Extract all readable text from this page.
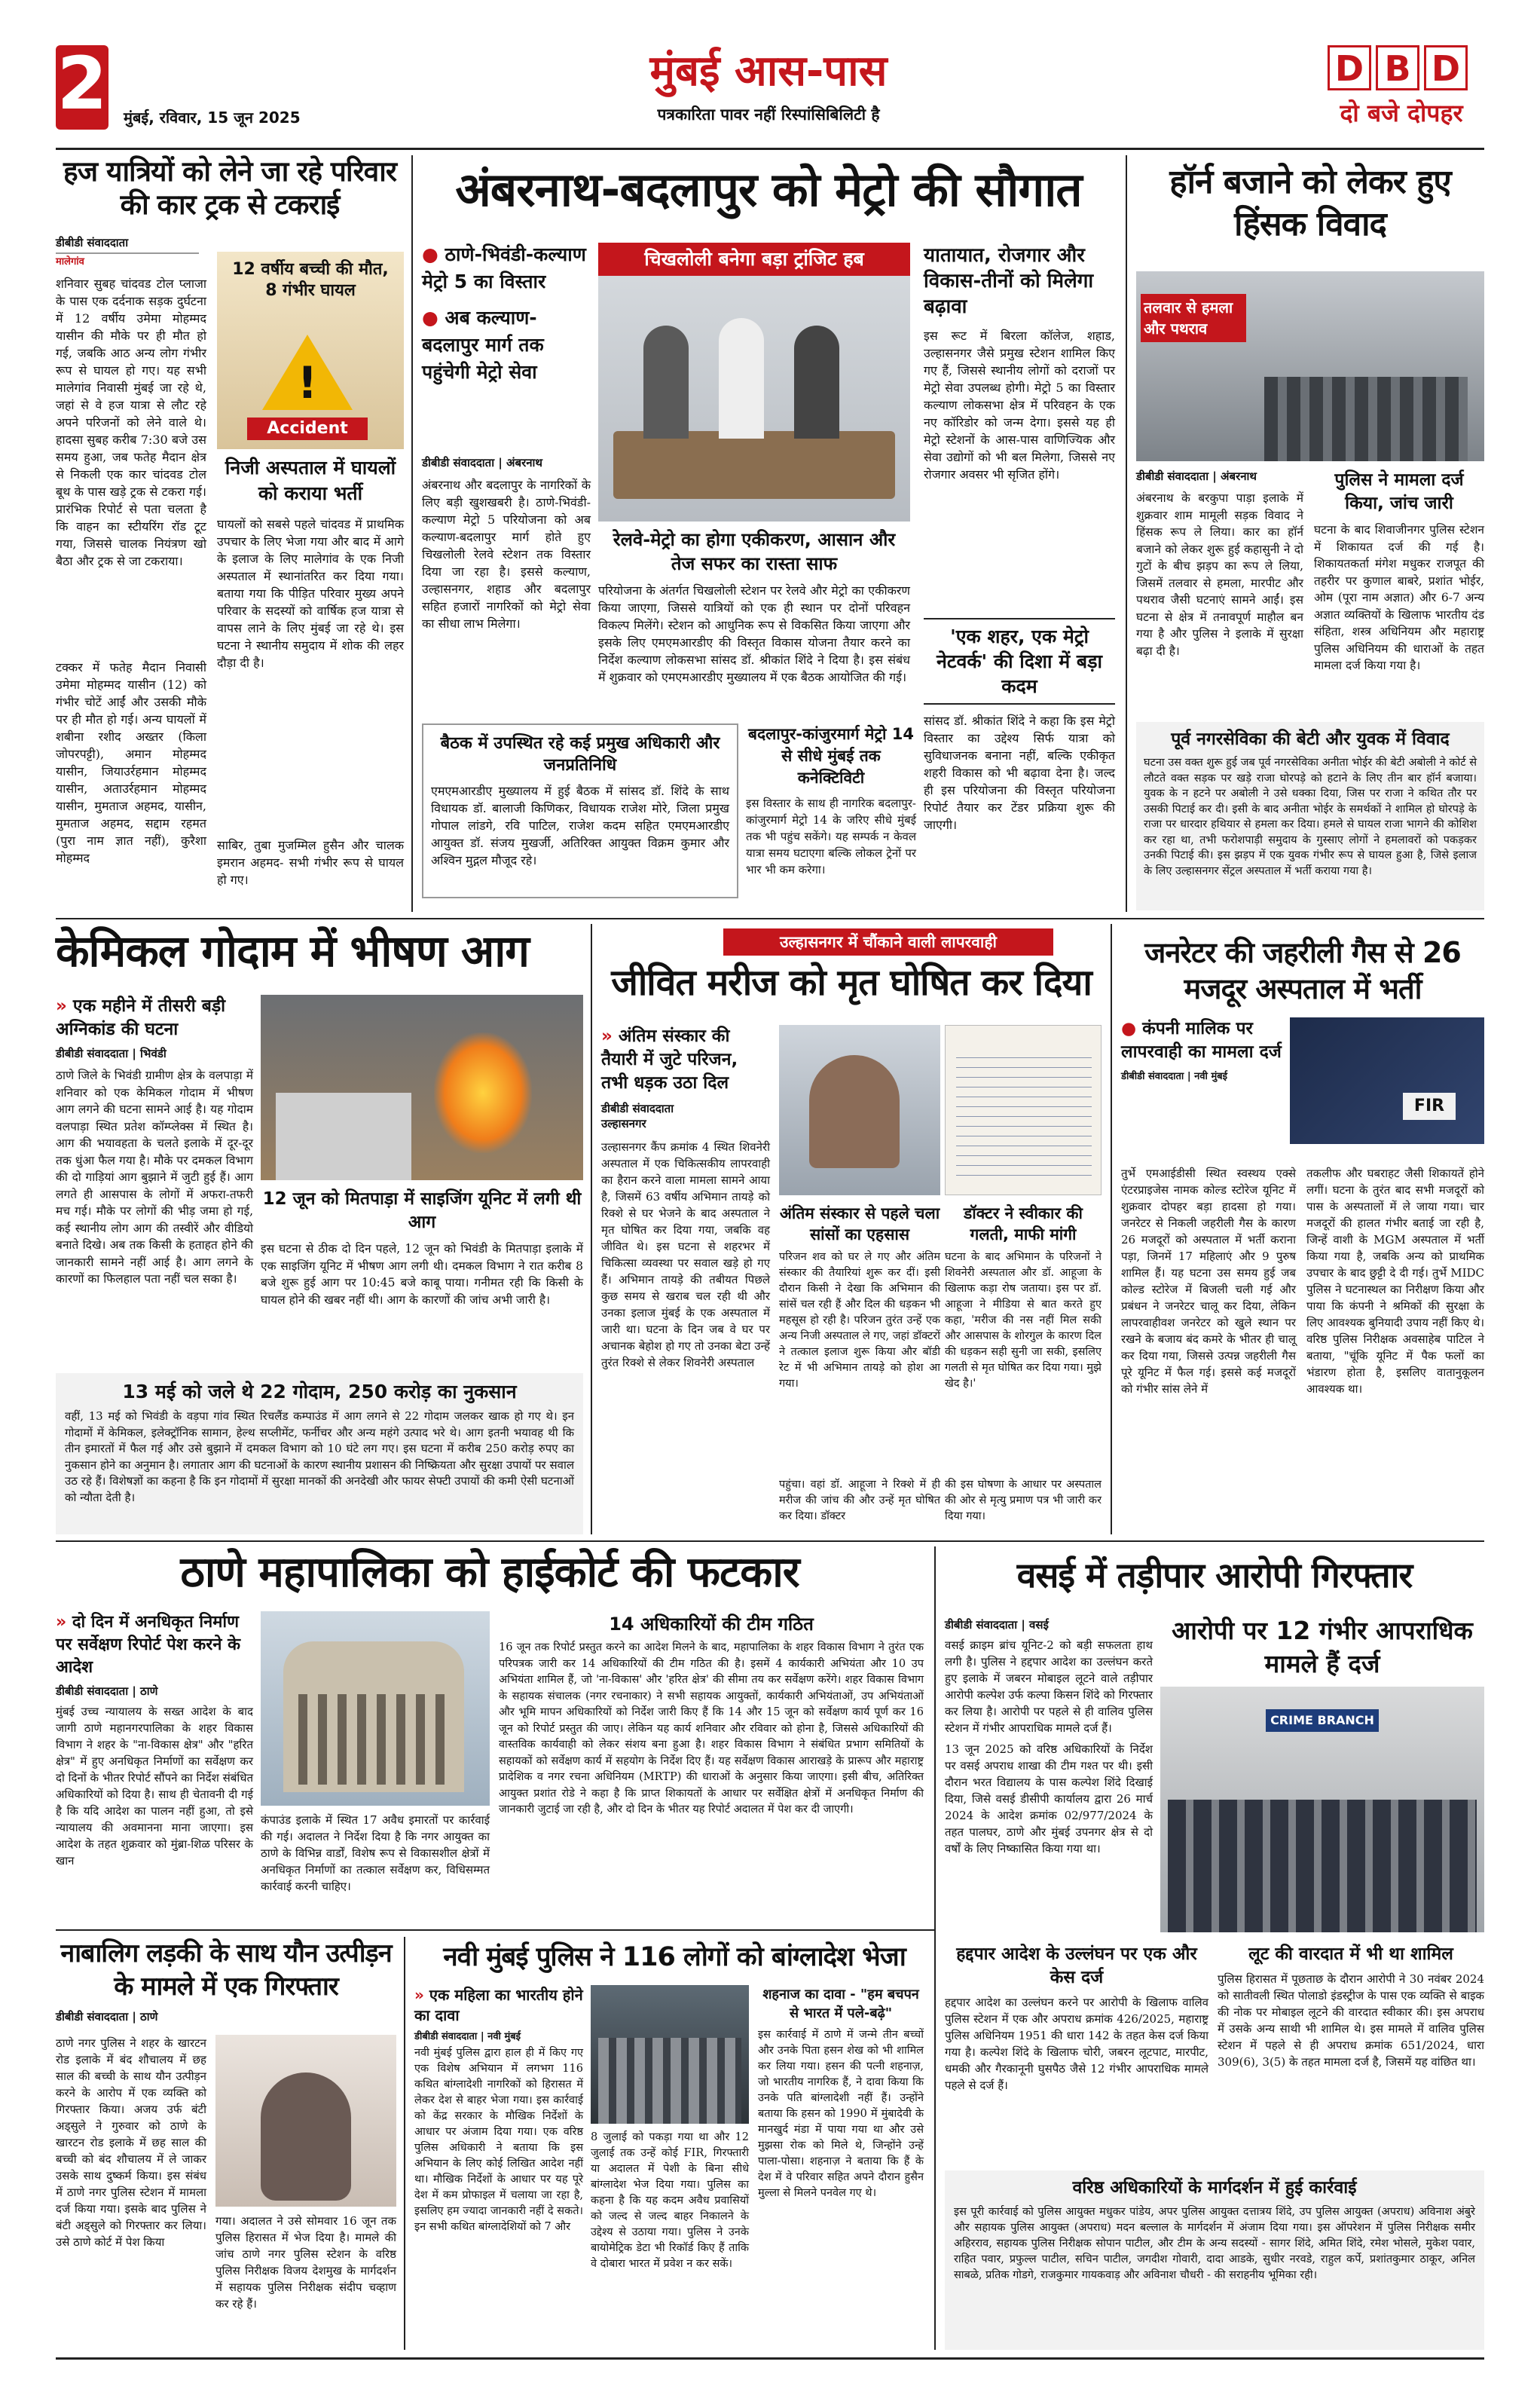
2 मुंबई, रविवार, 15 जून 2025
मुंबई आस-पास
पत्रकारिता पावर नहीं रिस्पांसिबिलिटी है
D B D
दो बजे दोपहर
हज यात्रियों को लेने जा रहे परिवार की कार ट्रक से टकराई
डीबीडी संवाददाता
मालेगांव
शनिवार सुबह चांदवड टोल प्लाजा के पास एक दर्दनाक सड़क दुर्घटना में 12 वर्षीय उमेमा मोहम्मद यासीन की मौके पर ही मौत हो गई, जबकि आठ अन्य लोग गंभीर रूप से घायल हो गए। यह सभी मालेगांव निवासी मुंबई जा रहे थे, जहां से वे हज यात्रा से लौट रहे अपने परिजनों को लेने वाले थे। हादसा सुबह करीब 7:30 बजे उस समय हुआ, जब फतेह मैदान क्षेत्र से निकली एक कार चांदवड टोल बूथ के पास खड़े ट्रक से टकरा गई। प्रारंभिक रिपोर्ट से पता चलता है कि वाहन का स्टीयरिंग रॉड टूट गया, जिससे चालक नियंत्रण खो बैठा और ट्रक से जा टकराया।
12 वर्षीय बच्ची की मौत, 8 गंभीर घायल
!
Accident
निजी अस्पताल में घायलों को कराया भर्ती
घायलों को सबसे पहले चांदवड में प्राथमिक उपचार के लिए भेजा गया और बाद में आगे के इलाज के लिए मालेगांव के एक निजी अस्पताल में स्थानांतरित कर दिया गया। बताया गया कि पीड़ित परिवार मुख्य अपने परिवार के सदस्यों को वार्षिक हज यात्रा से वापस लाने के लिए मुंबई जा रहे थे। इस घटना ने स्थानीय समुदाय में शोक की लहर दौड़ा दी है।
टक्कर में फतेह मैदान निवासी उमेमा मोहम्मद यासीन (12) को गंभीर चोटें आईं और उसकी मौके पर ही मौत हो गई। अन्य घायलों में शबीना रशीद अख्तर (किला जोपरपट्टी), अमान मोहम्मद यासीन, जियाउर्रहमान मोहम्मद यासीन, अताउर्रहमान मोहम्मद यासीन, मुमताज अहमद, यासीन, मुमताज अहमद, सद्दाम रहमत (पुरा नाम ज्ञात नहीं), कुरैशा मोहम्मद
साबिर, तुबा मुजम्मिल हुसैन और चालक इमरान अहमद- सभी गंभीर रूप से घायल हो गए।
अंबरनाथ-बदलापुर को मेट्रो की सौगात
● ठाणे-भिवंडी-कल्याण मेट्रो 5 का विस्तार
● अब कल्याण-बदलापुर मार्ग तक पहुंचेगी मेट्रो सेवा
चिखलोली बनेगा बड़ा ट्रांजिट हब
डीबीडी संवाददाता | अंबरनाथ
अंबरनाथ और बदलापुर के नागरिकों के लिए बड़ी खुशखबरी है। ठाणे-भिवंडी-कल्याण मेट्रो 5 परियोजना को अब कल्याण-बदलापुर मार्ग होते हुए चिखलोली रेलवे स्टेशन तक विस्तार दिया जा रहा है। इससे कल्याण, उल्हासनगर, शहाड और बदलापुर सहित हजारों नागरिकों को मेट्रो सेवा का सीधा लाभ मिलेगा।
यातायात, रोजगार और विकास-तीनों को मिलेगा बढ़ावा
इस रूट में बिरला कॉलेज, शहाड, उल्हासनगर जैसे प्रमुख स्टेशन शामिल किए गए हैं, जिससे स्थानीय लोगों को दराजों पर मेट्रो सेवा उपलब्ध होगी। मेट्रो 5 का विस्तार कल्याण लोकसभा क्षेत्र में परिवहन के एक नए कॉरिडोर को जन्म देगा। इससे यह ही मेट्रो स्टेशनों के आस-पास वाणिज्यिक और सेवा उद्योगों को भी बल मिलेगा, जिससे नए रोजगार अवसर भी सृजित होंगे।
रेलवे-मेट्रो का होगा एकीकरण, आसान और तेज सफर का रास्ता साफ
परियोजना के अंतर्गत चिखलोली स्टेशन पर रेलवे और मेट्रो का एकीकरण किया जाएगा, जिससे यात्रियों को एक ही स्थान पर दोनों परिवहन विकल्प मिलेंगे। स्टेशन को आधुनिक रूप से विकसित किया जाएगा और इसके लिए एमएमआरडीए की विस्तृत विकास योजना तैयार करने का निर्देश कल्याण लोकसभा सांसद डॉ. श्रीकांत शिंदे ने दिया है। इस संबंध में शुक्रवार को एमएमआरडीए मुख्यालय में एक बैठक आयोजित की गई।
'एक शहर, एक मेट्रो नेटवर्क' की दिशा में बड़ा कदम
सांसद डॉ. श्रीकांत शिंदे ने कहा कि इस मेट्रो विस्तार का उद्देश्य सिर्फ यात्रा को सुविधाजनक बनाना नहीं, बल्कि एकीकृत शहरी विकास को भी बढ़ावा देना है। जल्द ही इस परियोजना की विस्तृत परियोजना रिपोर्ट तैयार कर टेंडर प्रक्रिया शुरू की जाएगी।
बैठक में उपस्थित रहे कई प्रमुख अधिकारी और जनप्रतिनिधि
एमएमआरडीए मुख्यालय में हुई बैठक में सांसद डॉ. शिंदे के साथ विधायक डॉ. बालाजी किणिकर, विधायक राजेश मोरे, जिला प्रमुख गोपाल लांडगे, रवि पाटिल, राजेश कदम सहित एमएमआरडीए आयुक्त डॉ. संजय मुखर्जी, अतिरिक्त आयुक्त विक्रम कुमार और अश्विन मुद्गल मौजूद रहे।
बदलापुर-कांजुरमार्ग मेट्रो 14 से सीधे मुंबई तक कनेक्टिविटी
इस विस्तार के साथ ही नागरिक बदलापुर-कांजुरमार्ग मेट्रो 14 के जरिए सीधे मुंबई तक भी पहुंच सकेंगे। यह सम्पर्क न केवल यात्रा समय घटाएगा बल्कि लोकल ट्रेनों पर भार भी कम करेगा।
हॉर्न बजाने को लेकर हुए हिंसक विवाद
तलवार से हमला और पथराव
डीबीडी संवाददाता | अंबरनाथ
अंबरनाथ के बरकुपा पाड़ा इलाके में शुक्रवार शाम मामूली सड़क विवाद ने हिंसक रूप ले लिया। कार का हॉर्न बजाने को लेकर शुरू हुई कहासुनी ने दो गुटों के बीच झड़प का रूप ले लिया, जिसमें तलवार से हमला, मारपीट और पथराव जैसी घटनाएं सामने आईं। इस घटना से क्षेत्र में तनावपूर्ण माहौल बन गया है और पुलिस ने इलाके में सुरक्षा बढ़ा दी है।
पुलिस ने मामला दर्ज किया, जांच जारी
घटना के बाद शिवाजीनगर पुलिस स्टेशन में शिकायत दर्ज की गई है। शिकायतकर्ता मंगेश मधुकर राजपूत की तहरीर पर कुणाल बाबरे, प्रशांत भोईर, ओम (पूरा नाम अज्ञात) और 6-7 अन्य अज्ञात व्यक्तियों के खिलाफ भारतीय दंड संहिता, शस्त्र अधिनियम और महाराष्ट्र पुलिस अधिनियम की धाराओं के तहत मामला दर्ज किया गया है।
पूर्व नगरसेविका की बेटी और युवक में विवाद
घटना उस वक्त शुरू हुई जब पूर्व नगरसेविका अनीता भोईर की बेटी अबोली ने कोर्ट से लौटते वक्त सड़क पर खड़े राजा घोरपड़े को हटाने के लिए तीन बार हॉर्न बजाया। युवक के न हटने पर अबोली ने उसे धक्का दिया, जिस पर राजा ने कथित तौर पर उसकी पिटाई कर दी। इसी के बाद अनीता भोईर के समर्थकों ने शामिल हो घोरपड़े के राजा पर धारदार हथियार से हमला कर दिया। हमले से घायल राजा भागने की कोशिश कर रहा था, तभी फरोशपाड़ी समुदाय के गुस्साए लोगों ने हमलावरों को पकड़कर उनकी पिटाई की। इस झड़प में एक युवक गंभीर रूप से घायल हुआ है, जिसे इलाज के लिए उल्हासनगर सेंट्रल अस्पताल में भर्ती कराया गया है।
केमिकल गोदाम में भीषण आग
» एक महीने में तीसरी बड़ी अग्निकांड की घटना
डीबीडी संवाददाता | भिवंडी
ठाणे जिले के भिवंडी ग्रामीण क्षेत्र के वलपाड़ा में शनिवार को एक केमिकल गोदाम में भीषण आग लगने की घटना सामने आई है। यह गोदाम वलपाड़ा स्थित प्रतेश कॉम्प्लेक्स में स्थित है। आग की भयावहता के चलते इलाके में दूर-दूर तक धुंआ फैल गया है। मौके पर दमकल विभाग की दो गाड़ियां आग बुझाने में जुटी हुई हैं। आग लगते ही आसपास के लोगों में अफरा-तफरी मच गई। मौके पर लोगों की भीड़ जमा हो गई, कई स्थानीय लोग आग की तस्वीरें और वीडियो बनाते दिखे। अब तक किसी के हताहत होने की जानकारी सामने नहीं आई है। आग लगने के कारणों का फिलहाल पता नहीं चल सका है।
12 जून को मितपाड़ा में साइजिंग यूनिट में लगी थी आग
इस घटना से ठीक दो दिन पहले, 12 जून को भिवंडी के मितपाड़ा इलाके में एक साइजिंग यूनिट में भीषण आग लगी थी। दमकल विभाग ने रात करीब 8 बजे शुरू हुई आग पर 10:45 बजे काबू पाया। गनीमत रही कि किसी के घायल होने की खबर नहीं थी। आग के कारणों की जांच अभी जारी है।
13 मई को जले थे 22 गोदाम, 250 करोड़ का नुकसान
वहीं, 13 मई को भिवंडी के वड़पा गांव स्थित रिचलैंड कम्पाउंड में आग लगने से 22 गोदाम जलकर खाक हो गए थे। इन गोदामों में केमिकल, इलेक्ट्रॉनिक सामान, हेल्थ सप्लीमेंट, फर्नीचर और अन्य महंगे उत्पाद भरे थे। आग इतनी भयावह थी कि तीन इमारतों में फैल गई और उसे बुझाने में दमकल विभाग को 10 घंटे लग गए। इस घटना में करीब 250 करोड़ रुपए का नुकसान होने का अनुमान है। लगातार आग की घटनाओं के कारण स्थानीय प्रशासन की निष्क्रियता और सुरक्षा उपायों पर सवाल उठ रहे हैं। विशेषज्ञों का कहना है कि इन गोदामों में सुरक्षा मानकों की अनदेखी और फायर सेफ्टी उपायों की कमी ऐसी घटनाओं को न्यौता देती है।
उल्हासनगर में चौंकाने वाली लापरवाही
जीवित मरीज को मृत घोषित कर दिया
» अंतिम संस्कार की तैयारी में जुटे परिजन, तभी धड़क उठा दिल
डीबीडी संवाददाता
उल्हासनगर
उल्हासनगर कैंप क्रमांक 4 स्थित शिवनेरी अस्पताल में एक चिकित्सकीय लापरवाही का हैरान करने वाला मामला सामने आया है, जिसमें 63 वर्षीय अभिमान तायड़े को रिक्शे से घर भेजने के बाद अस्पताल ने मृत घोषित कर दिया गया, जबकि वह जीवित थे। इस घटना से शहरभर में चिकित्सा व्यवस्था पर सवाल खड़े हो गए हैं। अभिमान तायड़े की तबीयत पिछले कुछ समय से खराब चल रही थी और उनका इलाज मुंबई के एक अस्पताल में जारी था। घटना के दिन जब वे घर पर अचानक बेहोश हो गए तो उनका बेटा उन्हें तुरंत रिक्शे से लेकर शिवनेरी अस्पताल
अंतिम संस्कार से पहले चला सांसों का एहसास
परिजन शव को घर ले गए और अंतिम संस्कार की तैयारियां शुरू कर दीं। इसी दौरान किसी ने देखा कि अभिमान की सांसें चल रही हैं और दिल की धड़कन भी महसूस हो रही है। परिजन तुरंत उन्हें एक अन्य निजी अस्पताल ले गए, जहां डॉक्टरों ने तत्काल इलाज शुरू किया और बॉडी रेट में भी अभिमान तायड़े को होश आ गया।
डॉक्टर ने स्वीकार की गलती, माफी मांगी
घटना के बाद अभिमान के परिजनों ने शिवनेरी अस्पताल और डॉ. आहूजा के खिलाफ कड़ा रोष जताया। इस पर डॉ. आहूजा ने मीडिया से बात करते हुए कहा, 'मरीज की नस नहीं मिल सकी और आसपास के शोरगुल के कारण दिल की धड़कन सही सुनी जा सकी, इसलिए गलती से मृत घोषित कर दिया गया। मुझे खेद है।'
पहुंचा। वहां डॉ. आहूजा ने रिक्शे में ही मरीज की जांच की और उन्हें मृत घोषित कर दिया। डॉक्टर
की इस घोषणा के आधार पर अस्पताल की ओर से मृत्यु प्रमाण पत्र भी जारी कर दिया गया।
जनरेटर की जहरीली गैस से 26 मजदूर अस्पताल में भर्ती
● कंपनी मालिक पर लापरवाही का मामला दर्ज
डीबीडी संवाददाता | नवी मुंबई
FIR
तुर्भे एमआईडीसी स्थित स्वस्थय एक्से एंटरप्राइजेस नामक कोल्ड स्टोरेज यूनिट में शुक्रवार दोपहर बड़ा हादसा हो गया। जनरेटर से निकली जहरीली गैस के कारण 26 मजदूरों को अस्पताल में भर्ती कराना पड़ा, जिनमें 17 महिलाएं और 9 पुरुष शामिल हैं। यह घटना उस समय हुई जब कोल्ड स्टोरेज में बिजली चली गई और प्रबंधन ने जनरेटर चालू कर दिया, लेकिन लापरवाहीवश जनरेटर को खुले स्थान पर रखने के बजाय बंद कमरे के भीतर ही चालू कर दिया गया, जिससे उत्पन्न जहरीली गैस पूरे यूनिट में फैल गई। इससे कई मजदूरों को गंभीर सांस लेने में
तकलीफ और घबराहट जैसी शिकायतें होने लगीं। घटना के तुरंत बाद सभी मजदूरों को पास के अस्पतालों में ले जाया गया। चार मजदूरों की हालत गंभीर बताई जा रही है, जिन्हें वाशी के MGM अस्पताल में भर्ती किया गया है, जबकि अन्य को प्राथमिक उपचार के बाद छुट्टी दे दी गई। तुर्भे MIDC पुलिस ने घटनास्थल का निरीक्षण किया और पाया कि कंपनी ने श्रमिकों की सुरक्षा के लिए आवश्यक बुनियादी उपाय नहीं किए थे। वरिष्ठ पुलिस निरीक्षक अवसाहेब पाटिल ने बताया, "चूंकि यूनिट में पैक फलों का भंडारण होता है, इसलिए वातानुकूलन आवश्यक था।
ठाणे महापालिका को हाईकोर्ट की फटकार
» दो दिन में अनधिकृत निर्माण पर सर्वेक्षण रिपोर्ट पेश करने के आदेश
डीबीडी संवाददाता | ठाणे
मुंबई उच्च न्यायालय के सख्त आदेश के बाद जागी ठाणे महानगरपालिका के शहर विकास विभाग ने शहर के "ना-विकास क्षेत्र" और "हरित क्षेत्र" में हुए अनधिकृत निर्माणों का सर्वेक्षण कर दो दिनों के भीतर रिपोर्ट सौंपने का निर्देश संबंधित अधिकारियों को दिया है। साथ ही चेतावनी दी गई है कि यदि आदेश का पालन नहीं हुआ, तो इसे न्यायालय की अवमानना माना जाएगा। इस आदेश के तहत शुक्रवार को मुंब्रा-शिळ परिसर के खान
कंपाउंड इलाके में स्थित 17 अवैध इमारतों पर कार्रवाई की गई। अदालत ने निर्देश दिया है कि नगर आयुक्त का ठाणे के विभिन्न वार्डों, विशेष रूप से विकासशील क्षेत्रों में अनधिकृत निर्माणों का तत्काल सर्वेक्षण कर, विधिसम्मत कार्रवाई करनी चाहिए।
14 अधिकारियों की टीम गठित
16 जून तक रिपोर्ट प्रस्तुत करने का आदेश मिलने के बाद, महापालिका के शहर विकास विभाग ने तुरंत एक परिपत्रक जारी कर 14 अधिकारियों की टीम गठित की है। इसमें 4 कार्यकारी अभियंता और 10 उप अभियंता शामिल हैं, जो 'ना-विकास' और 'हरित क्षेत्र' की सीमा तय कर सर्वेक्षण करेंगे। शहर विकास विभाग के सहायक संचालक (नगर रचनाकार) ने सभी सहायक आयुक्तों, कार्यकारी अभियंताओं, उप अभियंताओं और भूमि मापन अधिकारियों को निर्देश जारी किए हैं कि 14 और 15 जून को सर्वेक्षण कार्य पूर्ण कर 16 जून को रिपोर्ट प्रस्तुत की जाए। लेकिन यह कार्य शनिवार और रविवार को होना है, जिससे अधिकारियों की वास्तविक कार्यवाही को लेकर संशय बना हुआ है। शहर विकास विभाग ने संबंधित प्रभाग समितियों के सहायकों को सर्वेक्षण कार्य में सहयोग के निर्देश दिए हैं। यह सर्वेक्षण विकास आराखड़े के प्रारूप और महाराष्ट्र प्रादेशिक व नगर रचना अधिनियम (MRTP) की धाराओं के अनुसार किया जाएगा। इसी बीच, अतिरिक्त आयुक्त प्रशांत रोडे ने कहा है कि प्राप्त शिकायतों के आधार पर सर्वेक्षित क्षेत्रों में अनधिकृत निर्माण की जानकारी जुटाई जा रही है, और दो दिन के भीतर यह रिपोर्ट अदालत में पेश कर दी जाएगी।
वसई में तड़ीपार आरोपी गिरफ्तार
आरोपी पर 12 गंभीर आपराधिक मामले हैं दर्ज
डीबीडी संवाददाता | वसई
वसई क्राइम ब्रांच यूनिट-2 को बड़ी सफलता हाथ लगी है। पुलिस ने हद्दपार आदेश का उल्लंघन करते हुए इलाके में जबरन मोबाइल लूटने वाले तड़ीपार आरोपी कल्पेश उर्फ कल्पा किसन शिंदे को गिरफ्तार कर लिया है। आरोपी पर पहले से ही वालिव पुलिस स्टेशन में गंभीर आपराधिक मामले दर्ज हैं।
13 जून 2025 को वरिष्ठ अधिकारियों के निर्देश पर वसई अपराध शाखा की टीम गश्त पर थी। इसी दौरान भरत विद्यालय के पास कल्पेश शिंदे दिखाई दिया, जिसे वसई डीसीपी कार्यालय द्वारा 26 मार्च 2024 के आदेश क्रमांक 02/977/2024 के तहत पालघर, ठाणे और मुंबई उपनगर क्षेत्र से दो वर्षों के लिए निष्कासित किया गया था।
CRIME BRANCH
हद्दपार आदेश के उल्लंघन पर एक और केस दर्ज
हद्दपार आदेश का उल्लंघन करने पर आरोपी के खिलाफ वालिव पुलिस स्टेशन में एक और अपराध क्रमांक 426/2025, महाराष्ट्र पुलिस अधिनियम 1951 की धारा 142 के तहत केस दर्ज किया गया है। कल्पेश शिंदे के खिलाफ चोरी, जबरन लूटपाट, मारपीट, धमकी और गैरकानूनी घुसपैठ जैसे 12 गंभीर आपराधिक मामले पहले से दर्ज हैं।
लूट की वारदात में भी था शामिल
पुलिस हिरासत में पूछताछ के दौरान आरोपी ने 30 नवंबर 2024 को सातीवली स्थित पोलाडो इंडस्ट्रीज के पास एक व्यक्ति से बाइक की नोक पर मोबाइल लूटने की वारदात स्वीकार की। इस अपराध में उसके अन्य साथी भी शामिल थे। इस मामले में वालिव पुलिस स्टेशन में पहले से ही अपराध क्रमांक 651/2024, धारा 309(6), 3(5) के तहत मामला दर्ज है, जिसमें यह वांछित था।
वरिष्ठ अधिकारियों के मार्गदर्शन में हुई कार्रवाई
इस पूरी कार्रवाई को पुलिस आयुक्त मधुकर पांडेय, अपर पुलिस आयुक्त दत्तात्रय शिंदे, उप पुलिस आयुक्त (अपराध) अविनाश अंबुरे और सहायक पुलिस आयुक्त (अपराध) मदन बल्लाल के मार्गदर्शन में अंजाम दिया गया। इस ऑपरेशन में पुलिस निरीक्षक समीर अहिरराव, सहायक पुलिस निरीक्षक सोपान पाटील, और टीम के अन्य सदस्यों - सागर शिंदे, अमित शिंदे, रमेश भोसले, मुकेश पवार, राहित पवार, प्रफुल्ल पाटील, सचिन पाटील, जगदीश गोवारी, दादा आडके, सुधीर नरवडे, राहुल कर्पे, प्रशांतकुमार ठाकूर, अनिल साबळे, प्रतिक गोडगे, राजकुमार गायकवाड़ और अविनाश चौधरी - की सराहनीय भूमिका रही।
नाबालिग लड़की के साथ यौन उत्पीड़न के मामले में एक गिरफ्तार
डीबीडी संवाददाता | ठाणे
ठाणे नगर पुलिस ने शहर के खारटन रोड इलाके में बंद शौचालय में छह साल की बच्ची के साथ यौन उत्पीड़न करने के आरोप में एक व्यक्ति को गिरफ्तार किया। अजय उर्फ बंटी अड्सुले ने गुरुवार को ठाणे के खारटन रोड इलाके में छह साल की बच्ची को बंद शौचालय में ले जाकर उसके साथ दुष्कर्म किया। इस संबंध में ठाणे नगर पुलिस स्टेशन में मामला दर्ज किया गया। इसके बाद पुलिस ने बंटी अड्सुले को गिरफ्तार कर लिया। उसे ठाणे कोर्ट में पेश किया
गया। अदालत ने उसे सोमवार 16 जून तक पुलिस हिरासत में भेज दिया है। मामले की जांच ठाणे नगर पुलिस स्टेशन के वरिष्ठ पुलिस निरीक्षक विजय देशमुख के मार्गदर्शन में सहायक पुलिस निरीक्षक संदीप चव्हाण कर रहे हैं।
नवी मुंबई पुलिस ने 116 लोगों को बांग्लादेश भेजा
» एक महिला का भारतीय होने का दावा
डीबीडी संवाददाता | नवी मुंबई
नवी मुंबई पुलिस द्वारा हाल ही में किए गए एक विशेष अभियान में लगभग 116 कथित बांग्लादेशी नागरिकों को हिरासत में लेकर देश से बाहर भेजा गया। इस कार्रवाई को केंद्र सरकार के मौखिक निर्देशों के आधार पर अंजाम दिया गया। एक वरिष्ठ पुलिस अधिकारी ने बताया कि इस अभियान के लिए कोई लिखित आदेश नहीं था। मौखिक निर्देशों के आधार पर यह पूरे देश में कम प्रोफाइल में चलाया जा रहा है, इसलिए हम ज्यादा जानकारी नहीं दे सकते। इन सभी कथित बांग्लादेशियों को 7 और
8 जुलाई को पकड़ा गया था और 12 जुलाई तक उन्हें कोई FIR, गिरफ्तारी या अदालत में पेशी के बिना सीधे बांग्लादेश भेज दिया गया। पुलिस का कहना है कि यह कदम अवैध प्रवासियों को जल्द से जल्द बाहर निकालने के उद्देश्य से उठाया गया। पुलिस ने उनके बायोमेट्रिक डेटा भी रिकॉर्ड किए हैं ताकि वे दोबारा भारत में प्रवेश न कर सकें।
शहनाज का दावा - "हम बचपन से भारत में पले-बढ़े"
इस कार्रवाई में ठाणे में जन्मे तीन बच्चों और उनके पिता हसन शेख को भी शामिल कर लिया गया। हसन की पत्नी शहनाज़, जो भारतीय नागरिक हैं, ने दावा किया कि उनके पति बांग्लादेशी नहीं हैं। उन्होंने बताया कि हसन को 1990 में मुंबादेवी के मानखुर्द मंडा में पाया गया था और उसे मुझसा रोक को मिले थे, जिन्होंने उन्हें पाला-पोसा। शहनाज़ ने बताया कि हैं के देश में वे परिवार सहित अपने दौरान हुसैन मुल्ला से मिलने पनवेल गए थे।
